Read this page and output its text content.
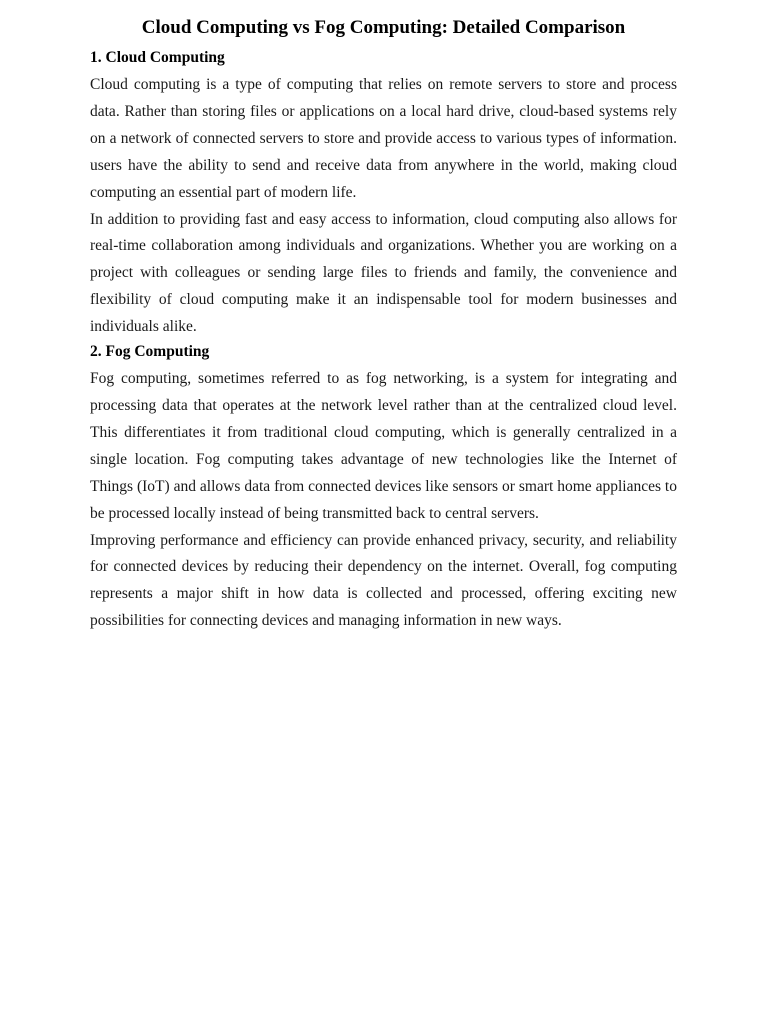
Cloud Computing vs Fog Computing: Detailed Comparison
1. Cloud Computing

Cloud computing is a type of computing that relies on remote servers to store and process data. Rather than storing files or applications on a local hard drive, cloud-based systems rely on a network of connected servers to store and provide access to various types of information. users have the ability to send and receive data from anywhere in the world, making cloud computing an essential part of modern life.

In addition to providing fast and easy access to information, cloud computing also allows for real-time collaboration among individuals and organizations. Whether you are working on a project with colleagues or sending large files to friends and family, the convenience and flexibility of cloud computing make it an indispensable tool for modern businesses and individuals alike.

2. Fog Computing

Fog computing, sometimes referred to as fog networking, is a system for integrating and processing data that operates at the network level rather than at the centralized cloud level. This differentiates it from traditional cloud computing, which is generally centralized in a single location. Fog computing takes advantage of new technologies like the Internet of Things (IoT) and allows data from connected devices like sensors or smart home appliances to be processed locally instead of being transmitted back to central servers.

Improving performance and efficiency can provide enhanced privacy, security, and reliability for connected devices by reducing their dependency on the internet. Overall, fog computing represents a major shift in how data is collected and processed, offering exciting new possibilities for connecting devices and managing information in new ways.
